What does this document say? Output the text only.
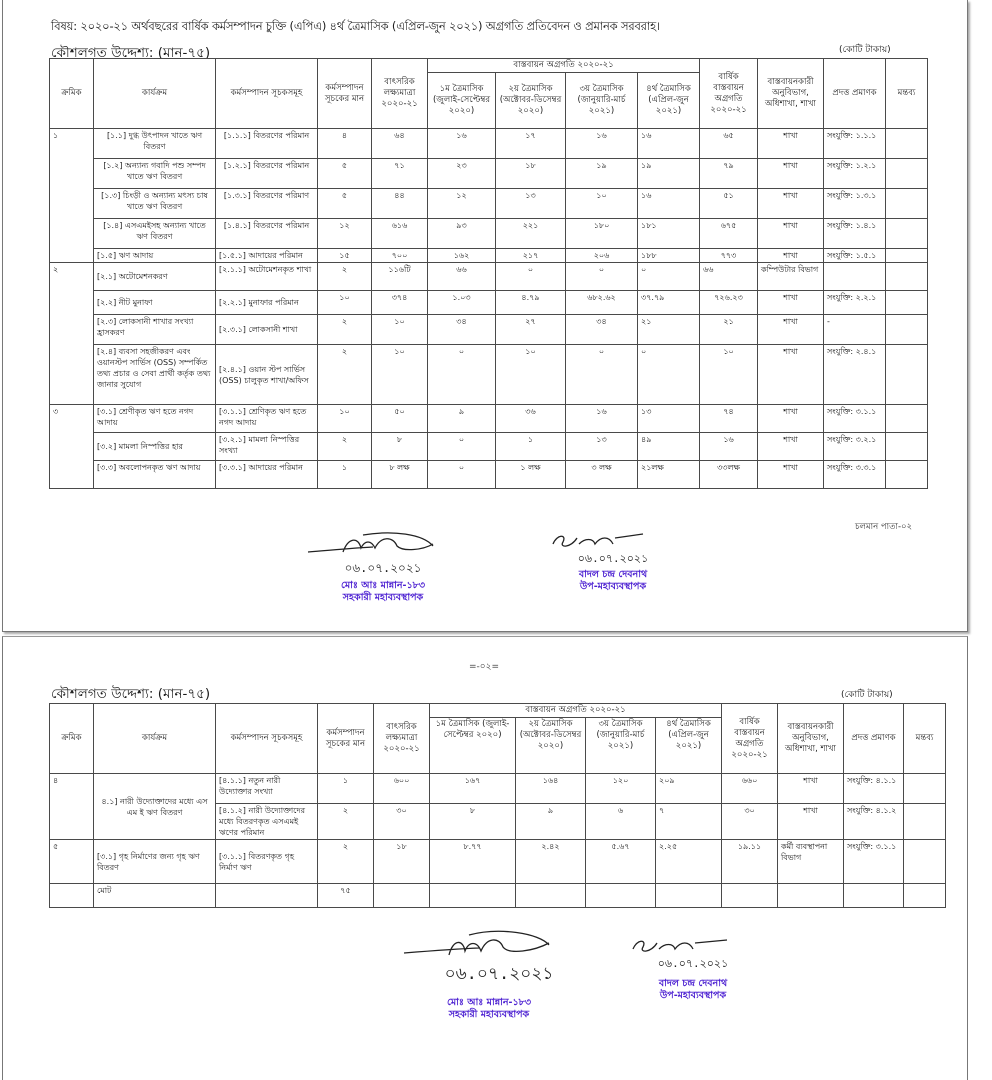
বিষয়: ২০২০-২১ অর্থবছরের বার্ষিক কর্মসম্পাদন চুক্তি (এপিএ) ৪র্থ ত্রৈমাসিক (এপ্রিল-জুন ২০২১) অগ্রগতি প্রতিবেদন ও প্রমানক সরবরাহ।
কৌশলগত উদ্দেশ্য: (মান-৭৫)	(কোটি টাকায়)
ক্রমিক	কার্যক্রম	কর্মসম্পাদন সূচকসমূহ	কর্মসম্পাদন সূচকের মান	বাৎসরিক লক্ষ্যমাত্রা ২০২০-২১	বাস্তবায়ন অগ্রগতি ২০২০-২১				বার্ষিক বাস্তবায়ন অগ্রগতি ২০২০-২১	বাস্তবায়নকারী অনুবিভাগ, অধিশাখা, শাখা	প্রদত্ত প্রমাণক	মন্তব্য
					১ম ত্রৈমাসিক (জুলাই-সেপ্টেম্বর ২০২০)	২য় ত্রৈমাসিক (অক্টোবর-ডিসেম্বর ২০২০)	৩য় ত্রৈমাসিক (জানুয়ারি-মার্চ ২০২১)	৪র্থ ত্রৈমাসিক (এপ্রিল-জুন ২০২১)				
১	[১.১] দুগ্ধ উৎপাদন খাতে ঋণ বিতরণ	[১.১.১] বিতরণের পরিমান	৪	৬৪	১৬	১৭	১৬	১৬	৬৫	শাখা	সংযুক্তি: ১.১.১	
	[১.২] অন্যান্য গবাদি পশু সম্পদ খাতে ঋণ বিতরণ	[১.২.১] বিতরণের পরিমান	৫	৭১	২৩	১৮	১৯	১৯	৭৯	শাখা	সংযুক্তি: ১.২.১	
	[১.৩] চিংড়ী ও অন্যান্য মৎস্য চাষ খাতে ঋণ বিতরণ	[১.৩.১] বিতরণের পরিমাণ	৫	৪৪	১২	১৩	১০	১৬	৫১	শাখা	সংযুক্তি: ১.৩.১	
	[১.৪] এসএমইসহ অন্যান্য খাতে ঋণ বিতরণ	[১.৪.১] বিতরণের পরিমান	১২	৬১৬	৯৩	২২১	১৮০	১৮১	৬৭৫	শাখা	সংযুক্তি: ১.৪.১	
	[১.৫] ঋণ আদায়	[১.৫.১] আদায়ের পরিমান	১৫	৭০০	১৬২	২১৭	২০৬	১৮৮	৭৭৩	শাখা	সংযুক্তি: ১.৫.১	
২	[২.১] অটোমেশনকরণ	[২.১.১] অটোমেশনকৃত শাখা	২	১১৬টি	৬৬	০	০	০	৬৬	কম্পিউটার বিভাগ		
	[২.২] নীট মুনাফা	[২.২.১] মুনাফার পরিমান	১০	৩৭৪	১.০৩	৪.৭৯	৬৮২.৬২	৩৭.৭৯	৭২৬.২৩	শাখা	সংযুক্তি: ২.২.১	
	[২.৩] লোকসানী শাখার সংখ্যা হ্রাসকরণ	[২.৩.১] লোকসানী শাখা	২	১০	৩৪	২৭	৩৪	২১	২১	শাখা	-	
	[২.৪] ব্যবসা সহজীকরণ এবং ওয়ানস্টপ সার্ভিস (OSS) সম্পর্কিত তথ্য প্রচার ও সেবা প্রার্থী কর্তৃক তথ্য জানার সুযোগ	[২.৪.১] ওয়ান স্টপ সার্ভিস (OSS) চালুকৃত শাখা/অফিস	২	১০	০	১০	০	০	১০	শাখা	সংযুক্তি: ২.৪.১	
৩	[৩.১] শ্রেণীকৃত ঋণ হতে নগদ আদায়	[৩.১.১] শ্রেণিকৃত ঋণ হতে নগদ আদায়	১০	৫০	৯	৩৬	১৬	১৩	৭৪	শাখা	সংযুক্তি: ৩.১.১	
	[৩.২] মামলা নিস্পত্তির হার	[৩.২.১] মামলা নিস্পত্তির সংখ্যা	২	৮	০	১	১৩	৪৯	১৬	শাখা	সংযুক্তি: ৩.২.১	
	[৩.৩] অবলোপনকৃত ঋণ আদায়	[৩.৩.১] আদায়ের পরিমান	১	৮ লক্ষ	০	১ লক্ষ	৩ লক্ষ	২১লক্ষ	৩৩লক্ষ	শাখা	সংযুক্তি: ৩.৩.১	
চলমান পাতা-০২
০৬.০৭.২০২১
মোঃ আঃ মান্নান-১৮৩
সহকারী মহাব্যবস্থাপক
০৬.০৭.২০২১
বাদল চন্দ্র দেবনাথ
উপ-মহাব্যবস্থাপক
=-০২=
কৌশলগত উদ্দেশ্য: (মান-৭৫)	(কোটি টাকায়)
ক্রমিক	কার্যক্রম	কর্মসম্পাদন সূচকসমূহ	কর্মসম্পাদন সূচকের মান	বাৎসরিক লক্ষ্যমাত্রা ২০২০-২১	বাস্তবায়ন অগ্রগতি ২০২০-২১				বার্ষিক বাস্তবায়ন অগ্রগতি ২০২০-২১	বাস্তবায়নকারী অনুবিভাগ, অধিশাখা, শাখা	প্রদত্ত প্রমাণক	মন্তব্য
					১ম ত্রৈমাসিক (জুলাই-সেপ্টেম্বর ২০২০)	২য় ত্রৈমাসিক (অক্টোবর-ডিসেম্বর ২০২০)	৩য় ত্রৈমাসিক (জানুয়ারি-মার্চ ২০২১)	৪র্থ ত্রৈমাসিক (এপ্রিল-জুন ২০২১)				
৪	৪.১] নারী উদ্যোক্তাদের মধ্যে এস এম ই ঋণ বিতরণ	[৪.১.১] নতুন নারী উদ্যোক্তার সংখ্যা	১	৬০০	১৬৭	১৬৪	১২০	২০৯	৬৬০	শাখা	সংযুক্তি: ৪.১.১	
		[৪.১.২] নারী উদ্যোক্তাদের মধ্যে বিতরণকৃত এসএমই ঋণের পরিমান	২	৩০	৮	৯	৬	৭	৩০	শাখা	সংযুক্তি: ৪.১.২	
৫	[৩.১] গৃহ নির্মাণের জন্য গৃহ ঋণ বিতরণ	[৩.১.১] বিতরণকৃত গৃহ নির্মাণ ঋণ	২	১৮	৮.৭৭	২.৪২	৫.৬৭	২.২৫	১৯.১১	কর্মী ব্যবস্থাপনা বিভাগ	সংযুক্তি: ৩.১.১	
	মোট		৭৫									
০৬.০৭.২০২১
মোঃ আঃ মান্নান-১৮৩
সহকারী মহাব্যবস্থাপক
০৬.০৭.২০২১
বাদল চন্দ্র দেবনাথ
উপ-মহাব্যবস্থাপক
